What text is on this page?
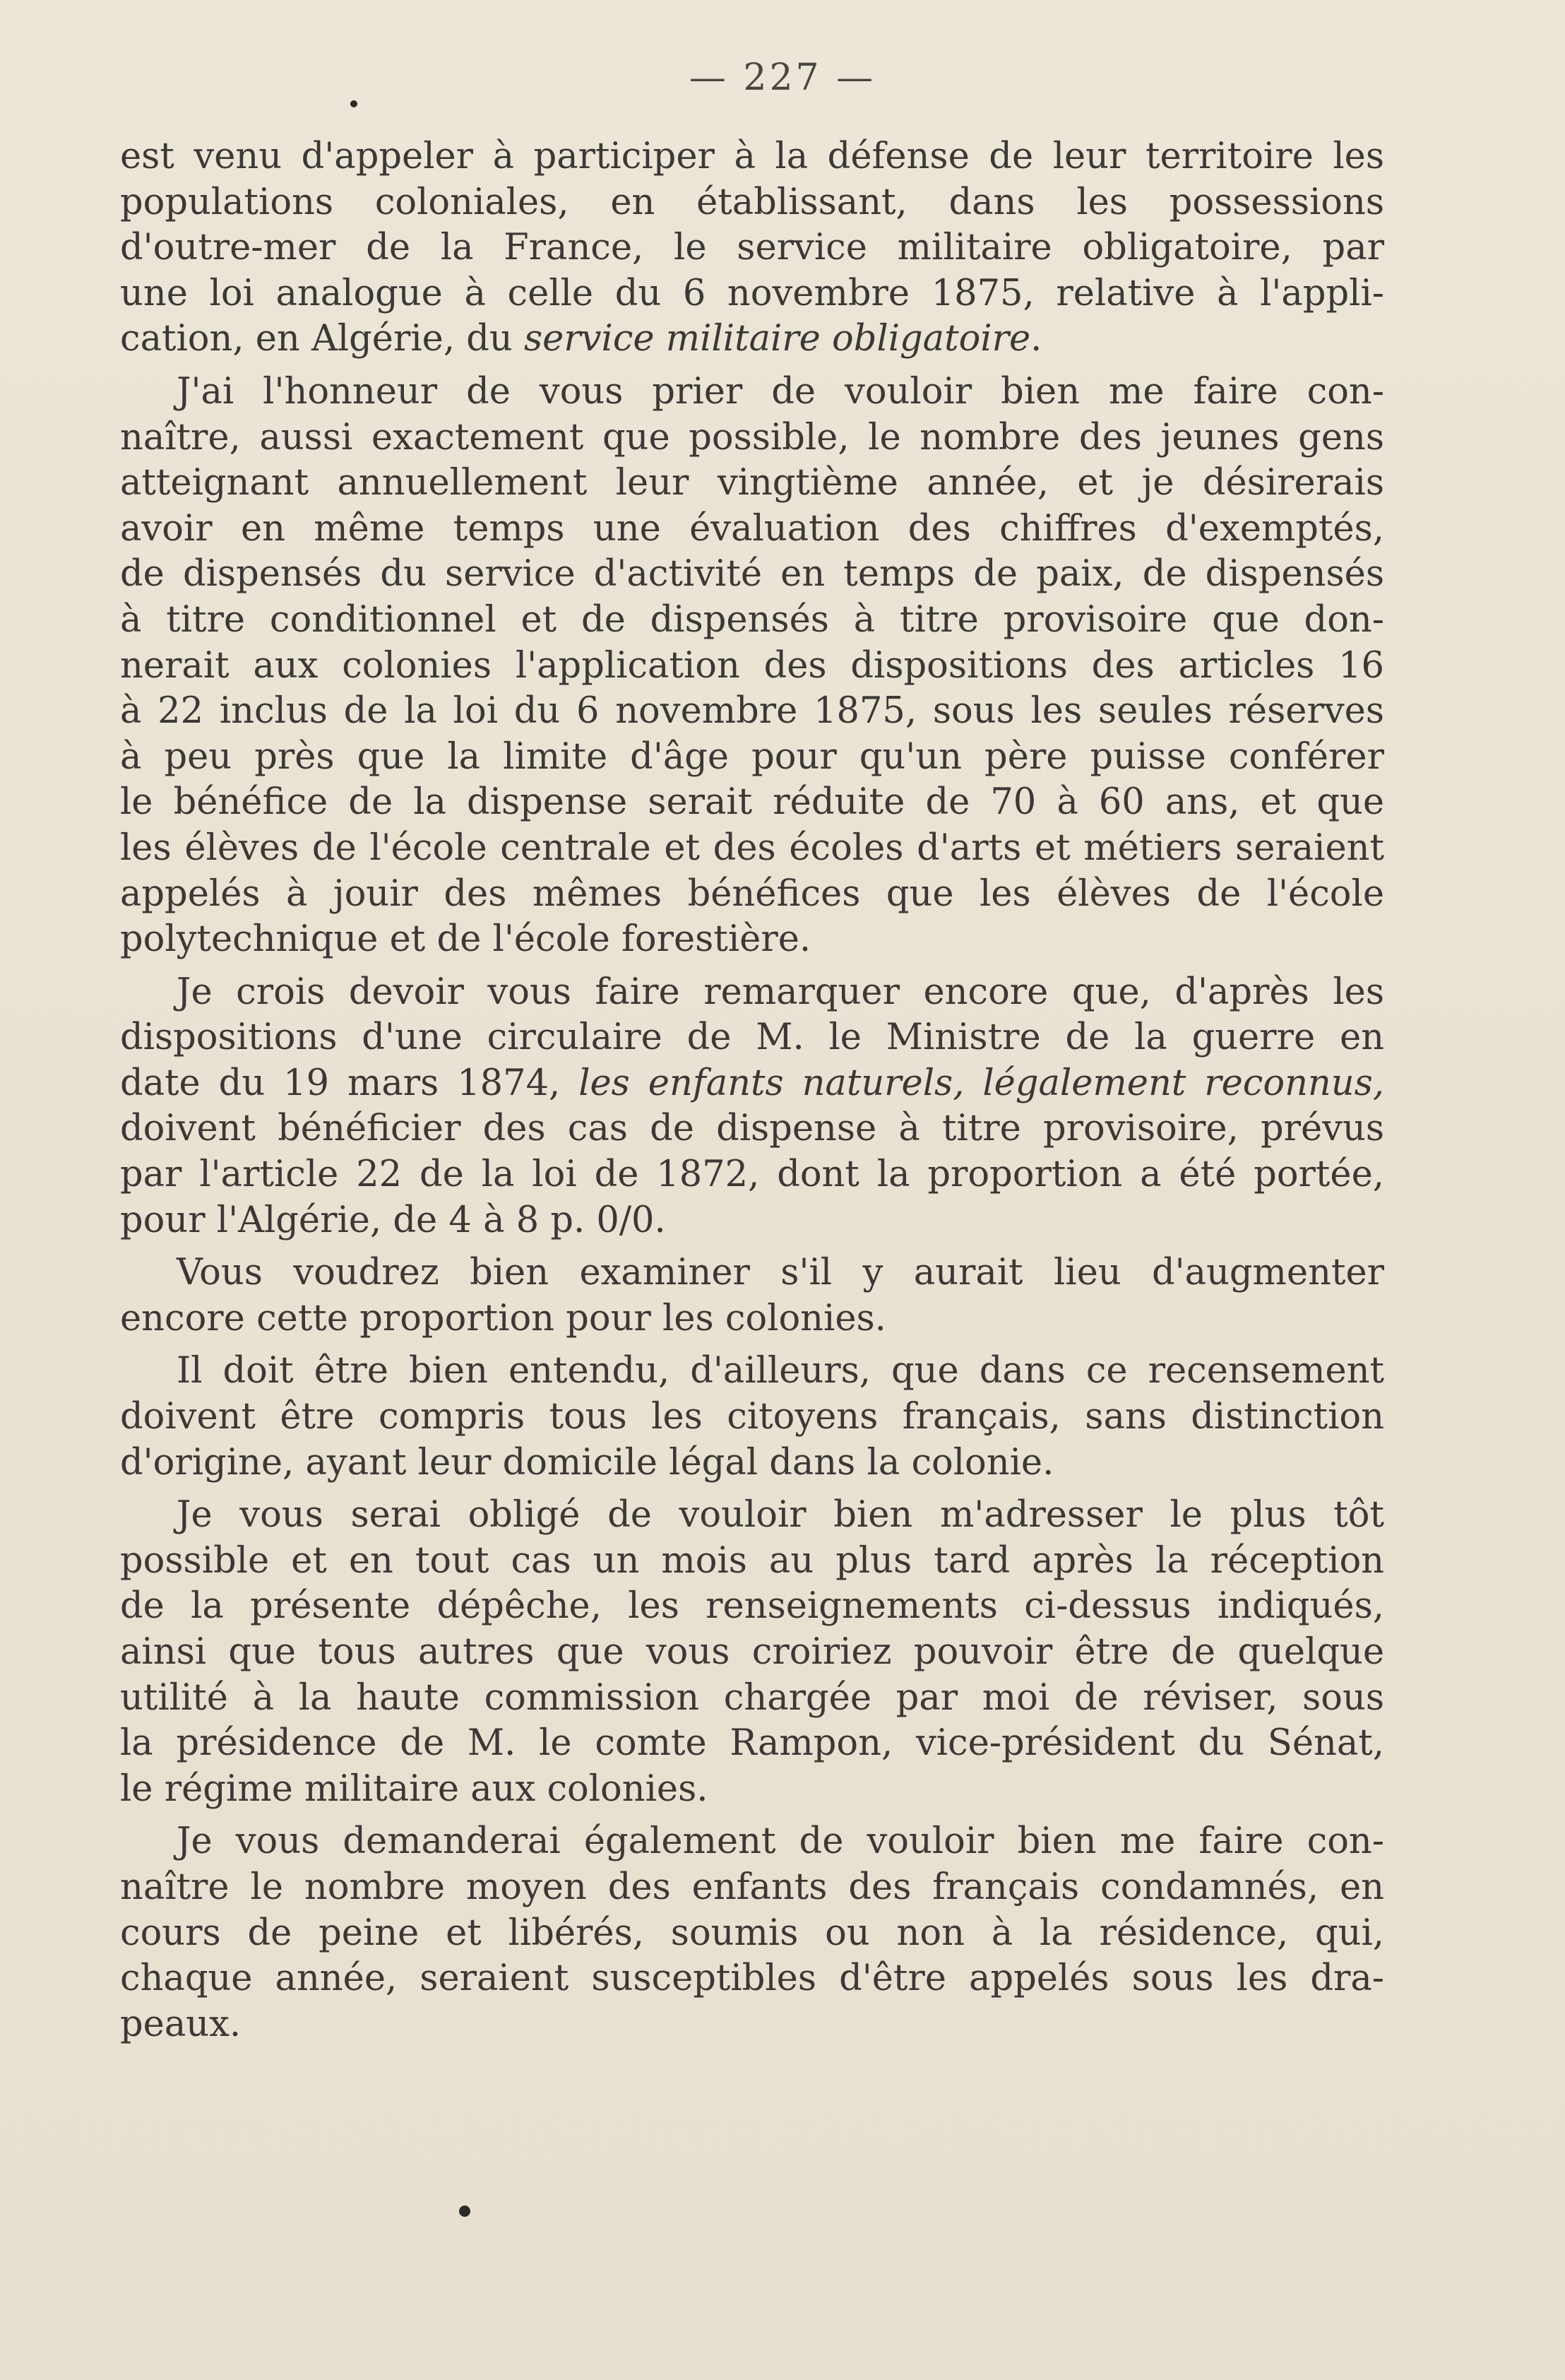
— 227 —
est venu d'appeler à participer à la défense de leur territoire les
populations coloniales, en établissant, dans les possessions
d'outre-mer de la France, le service militaire obligatoire, par
une loi analogue à celle du 6 novembre 1875, relative à l'appli-
cation, en Algérie, du service militaire obligatoire.
J'ai l'honneur de vous prier de vouloir bien me faire con-
naître, aussi exactement que possible, le nombre des jeunes gens
atteignant annuellement leur vingtième année, et je désirerais
avoir en même temps une évaluation des chiffres d'exemptés,
de dispensés du service d'activité en temps de paix, de dispensés
à titre conditionnel et de dispensés à titre provisoire que don-
nerait aux colonies l'application des dispositions des articles 16
à 22 inclus de la loi du 6 novembre 1875, sous les seules réserves
à peu près que la limite d'âge pour qu'un père puisse conférer
le bénéfice de la dispense serait réduite de 70 à 60 ans, et que
les élèves de l'école centrale et des écoles d'arts et métiers seraient
appelés à jouir des mêmes bénéfices que les élèves de l'école
polytechnique et de l'école forestière.
Je crois devoir vous faire remarquer encore que, d'après les
dispositions d'une circulaire de M. le Ministre de la guerre en
date du 19 mars 1874, les enfants naturels, légalement reconnus,
doivent bénéficier des cas de dispense à titre provisoire, prévus
par l'article 22 de la loi de 1872, dont la proportion a été portée,
pour l'Algérie, de 4 à 8 p. 0/0.
Vous voudrez bien examiner s'il y aurait lieu d'augmenter
encore cette proportion pour les colonies.
Il doit être bien entendu, d'ailleurs, que dans ce recensement
doivent être compris tous les citoyens français, sans distinction
d'origine, ayant leur domicile légal dans la colonie.
Je vous serai obligé de vouloir bien m'adresser le plus tôt
possible et en tout cas un mois au plus tard après la réception
de la présente dépêche, les renseignements ci-dessus indiqués,
ainsi que tous autres que vous croiriez pouvoir être de quelque
utilité à la haute commission chargée par moi de réviser, sous
la présidence de M. le comte Rampon, vice-président du Sénat,
le régime militaire aux colonies.
Je vous demanderai également de vouloir bien me faire con-
naître le nombre moyen des enfants des français condamnés, en
cours de peine et libérés, soumis ou non à la résidence, qui,
chaque année, seraient susceptibles d'être appelés sous les dra-
peaux.
